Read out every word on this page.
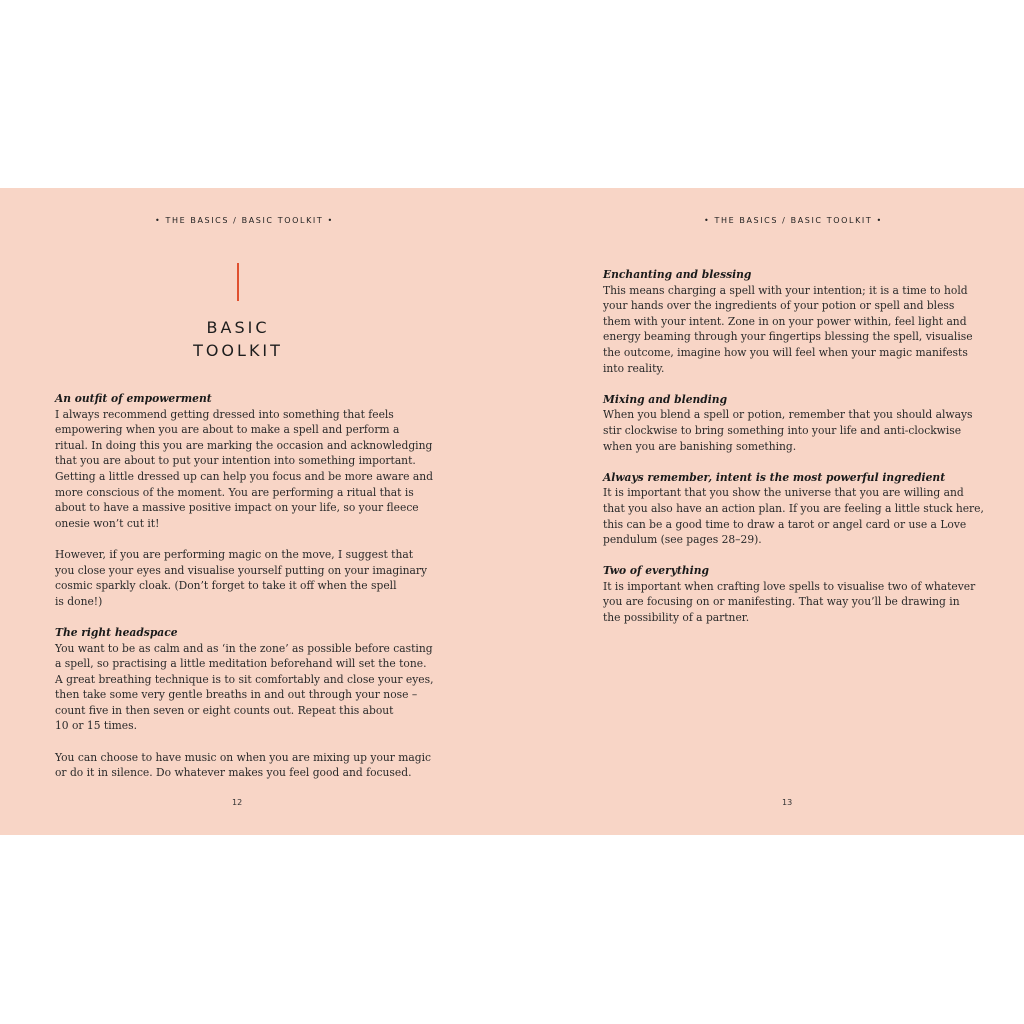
• THE BASICS / BASIC TOOLKIT •
BASIC
TOOLKIT
An outfit of empowerment
I always recommend getting dressed into something that feels
empowering when you are about to make a spell and perform a
ritual. In doing this you are marking the occasion and acknowledging
that you are about to put your intention into something important.
Getting a little dressed up can help you focus and be more aware and
more conscious of the moment. You are performing a ritual that is
about to have a massive positive impact on your life, so your fleece
onesie won’t cut it!
However, if you are performing magic on the move, I suggest that
you close your eyes and visualise yourself putting on your imaginary
cosmic sparkly cloak. (Don’t forget to take it off when the spell
is done!)
The right headspace
You want to be as calm and as ‘in the zone’ as possible before casting
a spell, so practising a little meditation beforehand will set the tone.
A great breathing technique is to sit comfortably and close your eyes,
then take some very gentle breaths in and out through your nose –
count five in then seven or eight counts out. Repeat this about
10 or 15 times.
You can choose to have music on when you are mixing up your magic
or do it in silence. Do whatever makes you feel good and focused.
12
• THE BASICS / BASIC TOOLKIT •
Enchanting and blessing
This means charging a spell with your intention; it is a time to hold
your hands over the ingredients of your potion or spell and bless
them with your intent. Zone in on your power within, feel light and
energy beaming through your fingertips blessing the spell, visualise
the outcome, imagine how you will feel when your magic manifests
into reality.
Mixing and blending
When you blend a spell or potion, remember that you should always
stir clockwise to bring something into your life and anti-clockwise
when you are banishing something.
Always remember, intent is the most powerful ingredient
It is important that you show the universe that you are willing and
that you also have an action plan. If you are feeling a little stuck here,
this can be a good time to draw a tarot or angel card or use a Love
pendulum (see pages 28–29).
Two of everything
It is important when crafting love spells to visualise two of whatever
you are focusing on or manifesting. That way you’ll be drawing in
the possibility of a partner.
13
